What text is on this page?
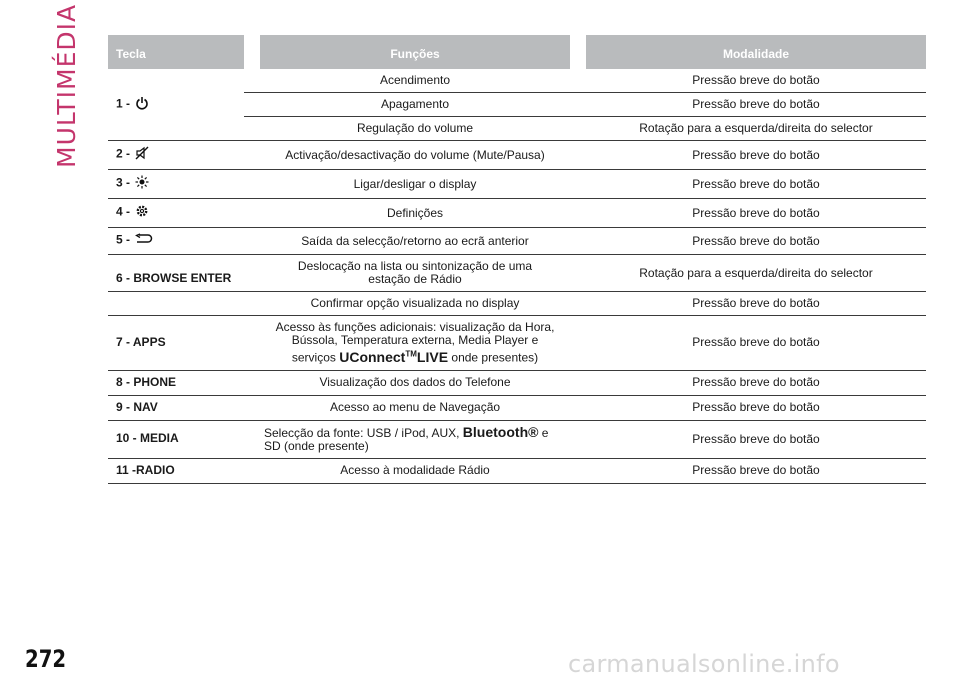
MULTIMÉDIA	Tecla		Funções		Modalidade
1 -		Acendimento		Pressão breve do botão
		Apagamento		Pressão breve do botão
		Regulação do volume		Rotação para a esquerda/direita do selector
2 -		Activação/desactivação do volume (Mute/Pausa)		Pressão breve do botão
3 -		Ligar/desligar o display		Pressão breve do botão
4 -		Definições		Pressão breve do botão
5 -		Saída da selecção/retorno ao ecrã anterior		Pressão breve do botão
6 - BROWSE ENTER		Deslocação na lista ou sintonização de uma estação de Rádio		Rotação para a esquerda/direita do selector
		Confirmar opção visualizada no display		Pressão breve do botão
7 - APPS		Acesso às funções adicionais: visualização da Hora,
Bússola, Temperatura externa, Media Player e
serviços UConnect™LIVE onde presentes)		Pressão breve do botão
8 - PHONE		Visualização dos dados do Telefone		Pressão breve do botão
9 - NAV		Acesso ao menu de Navegação		Pressão breve do botão
10 - MEDIA		Selecção da fonte: USB / iPod, AUX, Bluetooth® e
SD (onde presente)		Pressão breve do botão
11 -RADIO		Acesso à modalidade Rádio		Pressão breve do botão
272	carmanualsonline.info
